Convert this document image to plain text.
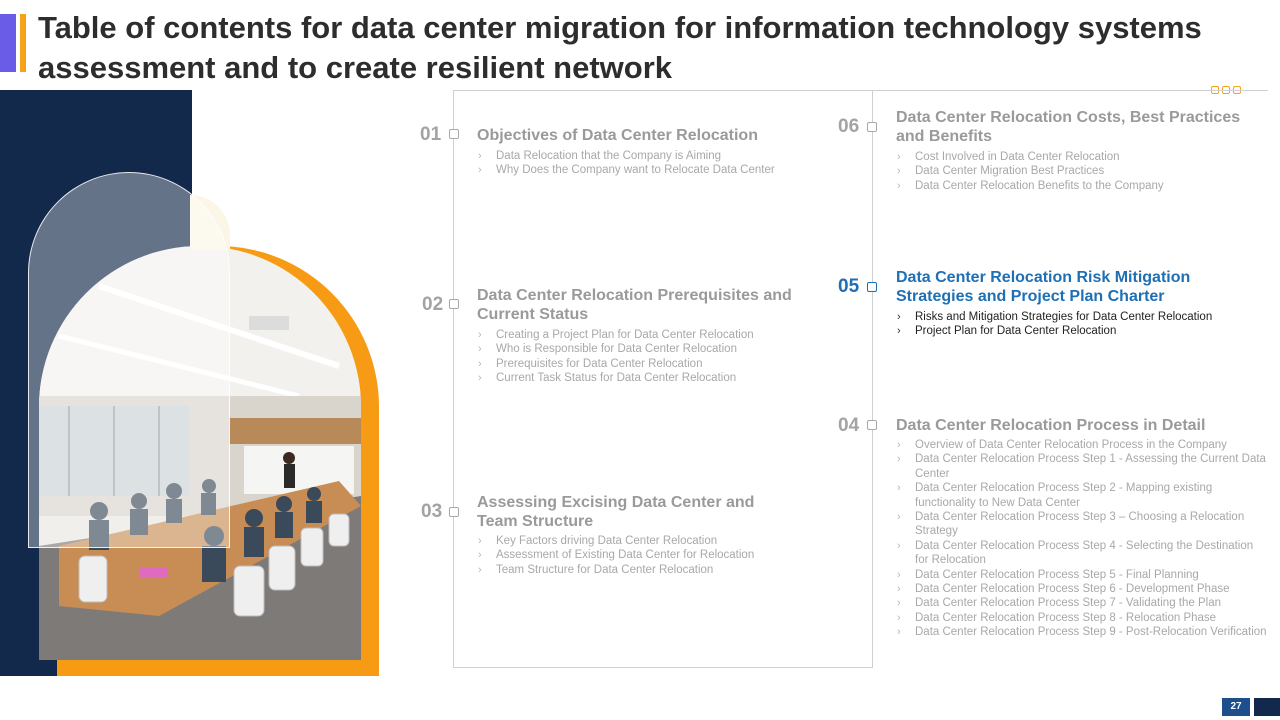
Table of contents for data center migration for information technology systems assessment and to create resilient network
01 Objectives of Data Center Relocation
› Data Relocation that the Company is Aiming
› Why Does the Company want to Relocate Data Center
02 Data Center Relocation Prerequisites and Current Status
› Creating a Project Plan for Data Center Relocation
› Who is Responsible for Data Center Relocation
› Prerequisites for Data Center Relocation
› Current Task Status for Data Center Relocation
03 Assessing Excising Data Center and Team Structure
› Key Factors driving Data Center Relocation
› Assessment of Existing Data Center for Relocation
› Team Structure for Data Center Relocation
06 Data Center Relocation Costs, Best Practices and Benefits
› Cost Involved in Data Center Relocation
› Data Center Migration Best Practices
› Data Center Relocation Benefits to the Company
05 Data Center Relocation Risk Mitigation Strategies and Project Plan Charter
› Risks and Mitigation Strategies for Data Center Relocation
› Project Plan for Data Center Relocation
04 Data Center Relocation Process in Detail
› Overview of Data Center Relocation Process in the Company
› Data Center Relocation Process Step 1 - Assessing the Current Data Center
› Data Center Relocation Process Step 2 - Mapping existing functionality to New Data Center
› Data Center Relocation Process Step 3 – Choosing a Relocation Strategy
› Data Center Relocation Process Step 4 - Selecting the Destination for Relocation
› Data Center Relocation Process Step 5 - Final Planning
› Data Center Relocation Process Step 6 - Development Phase
› Data Center Relocation Process Step 7 - Validating the Plan
› Data Center Relocation Process Step 8 - Relocation Phase
› Data Center Relocation Process Step 9 - Post-Relocation Verification
27
